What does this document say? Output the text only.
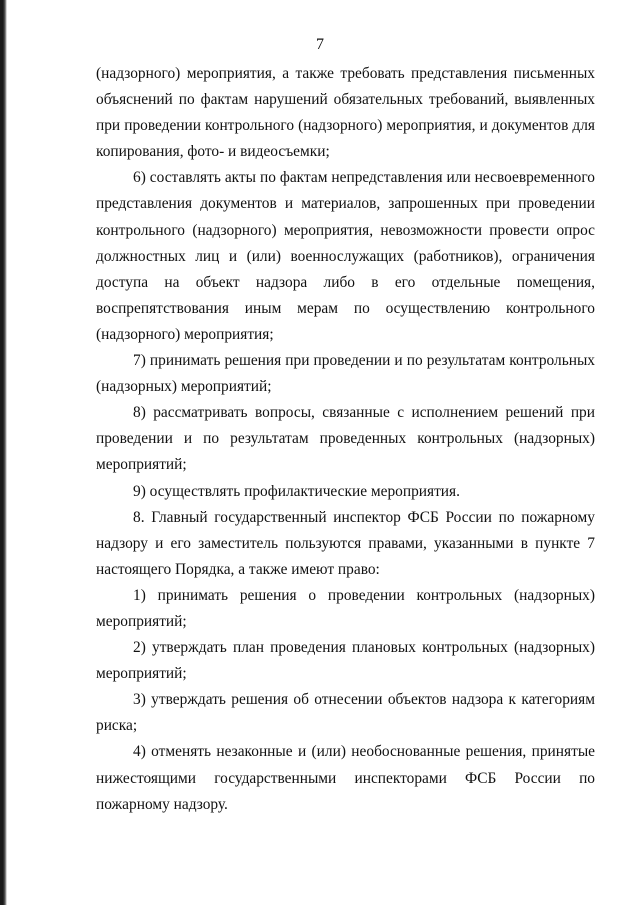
7

(надзорного) мероприятия, а также требовать представления письменных объяснений по фактам нарушений обязательных требований, выявленных при проведении контрольного (надзорного) мероприятия, и документов для копирования, фото- и видеосъемки;

6) составлять акты по фактам непредставления или несвоевременного представления документов и материалов, запрошенных при проведении контрольного (надзорного) мероприятия, невозможности провести опрос должностных лиц и (или) военнослужащих (работников), ограничения доступа на объект надзора либо в его отдельные помещения, воспрепятствования иным мерам по осуществлению контрольного (надзорного) мероприятия;

7) принимать решения при проведении и по результатам контрольных (надзорных) мероприятий;

8) рассматривать вопросы, связанные с исполнением решений при проведении и по результатам проведенных контрольных (надзорных) мероприятий;

9) осуществлять профилактические мероприятия.

8. Главный государственный инспектор ФСБ России по пожарному надзору и его заместитель пользуются правами, указанными в пункте 7 настоящего Порядка, а также имеют право:

1) принимать решения о проведении контрольных (надзорных) мероприятий;

2) утверждать план проведения плановых контрольных (надзорных) мероприятий;

3) утверждать решения об отнесении объектов надзора к категориям риска;

4) отменять незаконные и (или) необоснованные решения, принятые нижестоящими государственными инспекторами ФСБ России по пожарному надзору.
